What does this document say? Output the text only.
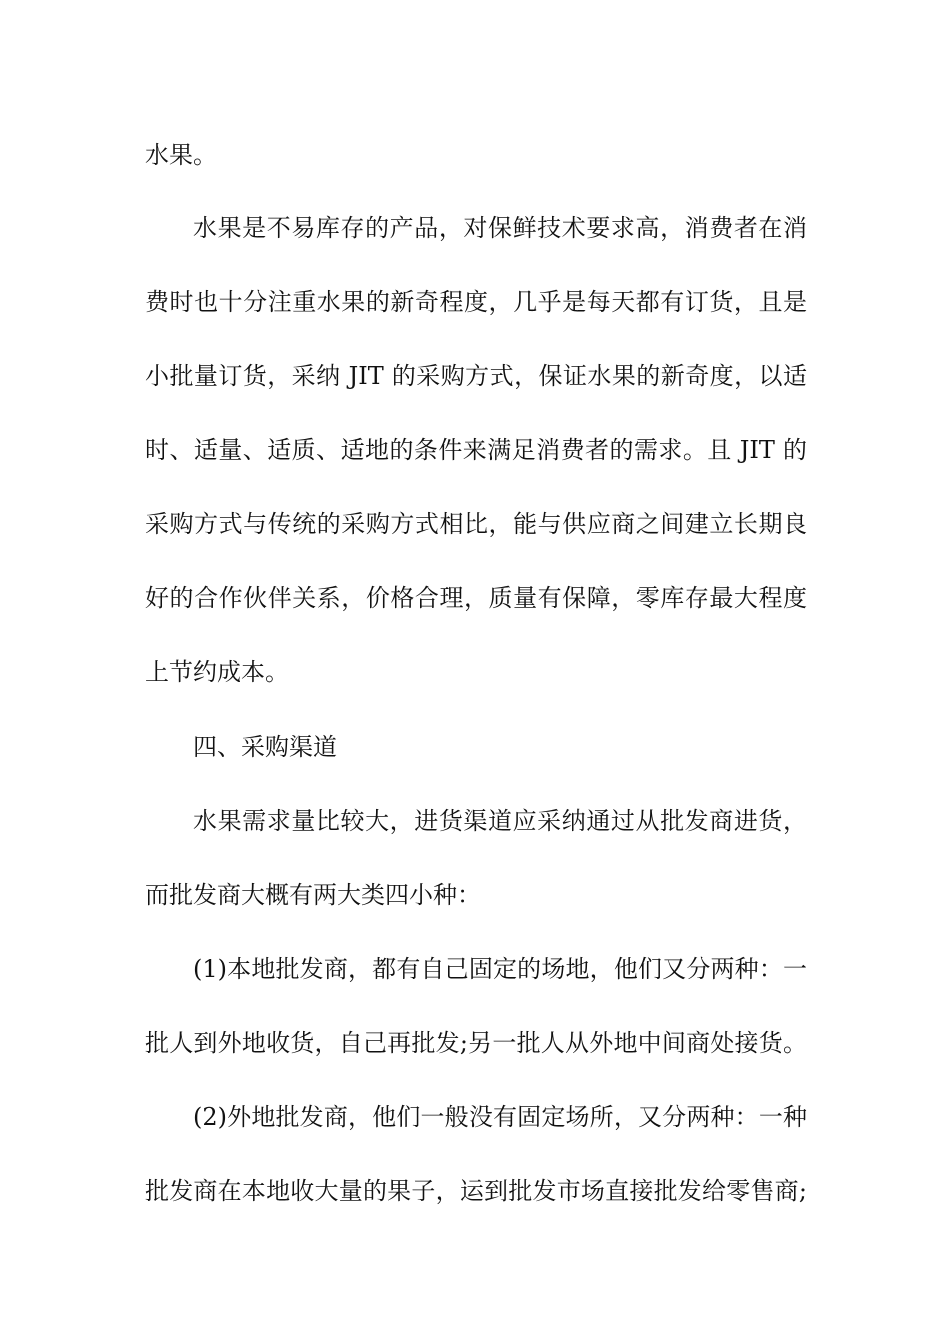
水果。
水果是不易库存的产品，对保鲜技术要求高，消费者在消
费时也十分注重水果的新奇程度，几乎是每天都有订货，且是
小批量订货，采纳 JIT 的采购方式，保证水果的新奇度，以适
时、适量、适质、适地的条件来满足消费者的需求。且 JIT 的
采购方式与传统的采购方式相比，能与供应商之间建立长期良
好的合作伙伴关系，价格合理，质量有保障，零库存最大程度
上节约成本。
四、采购渠道
水果需求量比较大，进货渠道应采纳通过从批发商进货，
而批发商大概有两大类四小种：
(1)本地批发商，都有自己固定的场地，他们又分两种：一
批人到外地收货，自己再批发;另一批人从外地中间商处接货。
(2)外地批发商，他们一般没有固定场所，又分两种：一种
批发商在本地收大量的果子，运到批发市场直接批发给零售商;
